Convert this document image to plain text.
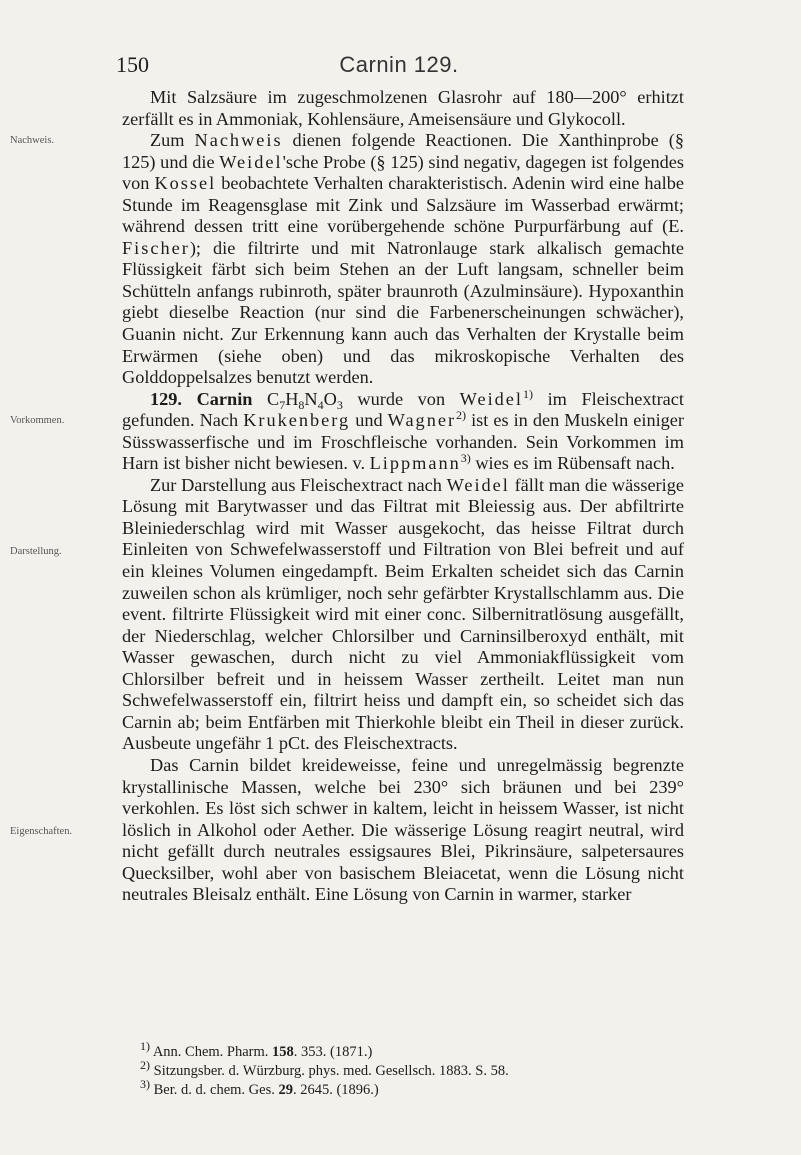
150	Carnin 129.
Nachweis.
Vorkommen.
Darstellung.
Eigenschaften.

Mit Salzsäure im zugeschmolzenen Glasrohr auf 180—200° erhitzt zerfällt es in Ammoniak, Kohlensäure, Ameisensäure und Glykocoll.

Zum Nachweis dienen folgende Reactionen. Die Xanthinprobe (§ 125) und die Weidel'sche Probe (§ 125) sind negativ, dagegen ist folgendes von Kossel beobachtete Verhalten charakteristisch. Adenin wird eine halbe Stunde im Reagensglase mit Zink und Salzsäure im Wasserbad erwärmt; während dessen tritt eine vorübergehende schöne Purpurfärbung auf (E. Fischer); die filtrirte und mit Natronlauge stark alkalisch gemachte Flüssigkeit färbt sich beim Stehen an der Luft langsam, schneller beim Schütteln anfangs rubinroth, später braunroth (Azulminsäure). Hypoxanthin giebt dieselbe Reaction (nur sind die Farbenerscheinungen schwächer), Guanin nicht. Zur Erkennung kann auch das Verhalten der Krystalle beim Erwärmen (siehe oben) und das mikroskopische Verhalten des Golddoppelsalzes benutzt werden.

129. Carnin $C_7H_8N_4O_3$ wurde von Weidel$^{1)}$ im Fleischextract gefunden. Nach Krukenberg und Wagner$^{2)}$ ist es in den Muskeln einiger Süsswasserfische und im Froschfleische vorhanden. Sein Vorkommen im Harn ist bisher nicht bewiesen. v. Lippmann$^{3)}$ wies es im Rübensaft nach.

Zur Darstellung aus Fleischextract nach Weidel fällt man die wässerige Lösung mit Barytwasser und das Filtrat mit Bleiessig aus. Der abfiltrirte Bleiniederschlag wird mit Wasser ausgekocht, das heisse Filtrat durch Einleiten von Schwefelwasserstoff und Filtration von Blei befreit und auf ein kleines Volumen eingedampft. Beim Erkalten scheidet sich das Carnin zuweilen schon als krümliger, noch sehr gefärbter Krystallschlamm aus. Die event. filtrirte Flüssigkeit wird mit einer conc. Silbernitratlösung ausgefällt, der Niederschlag, welcher Chlorsilber und Carninsilberoxyd enthält, mit Wasser gewaschen, durch nicht zu viel Ammoniakflüssigkeit vom Chlorsilber befreit und in heissem Wasser zertheilt. Leitet man nun Schwefelwasserstoff ein, filtrirt heiss und dampft ein, so scheidet sich das Carnin ab; beim Entfärben mit Thierkohle bleibt ein Theil in dieser zurück. Ausbeute ungefähr 1 pCt. des Fleischextracts.

Das Carnin bildet kreideweisse, feine und unregelmässig begrenzte krystallinische Massen, welche bei 230° sich bräunen und bei 239° verkohlen. Es löst sich schwer in kaltem, leicht in heissem Wasser, ist nicht löslich in Alkohol oder Aether. Die wässerige Lösung reagirt neutral, wird nicht gefällt durch neutrales essigsaures Blei, Pikrinsäure, salpetersaures Quecksilber, wohl aber von basischem Bleiacetat, wenn die Lösung nicht neutrales Bleisalz enthält. Eine Lösung von Carnin in warmer, starker

$^{1)}$ Ann. Chem. Pharm. 158. 353. (1871.)
$^{2)}$ Sitzungsber. d. Würzburg. phys. med. Gesellsch. 1883. S. 58.
$^{3)}$ Ber. d. d. chem. Ges. 29. 2645. (1896.)
